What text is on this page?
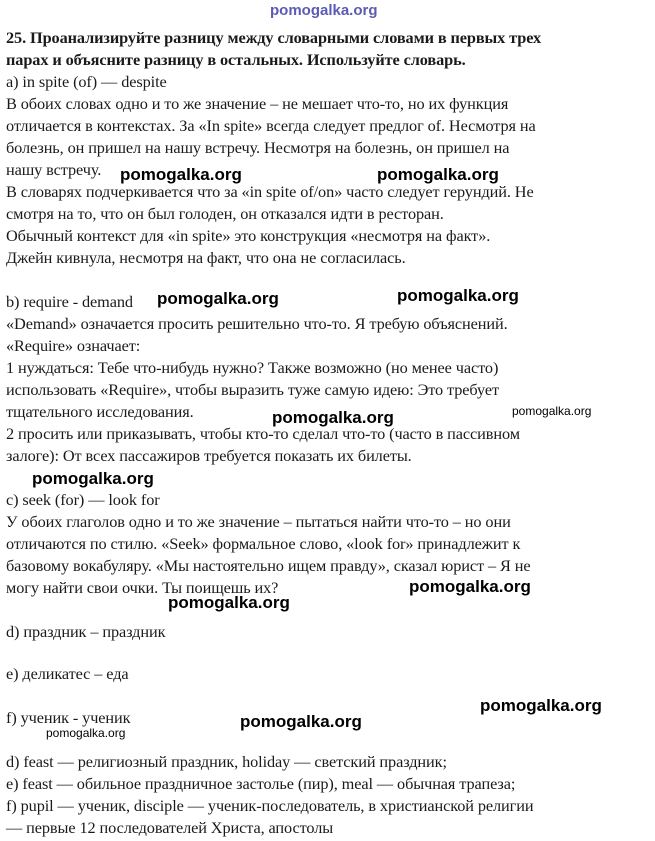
pomogalka.org
25. Проанализируйте разницу между словарными словами в первых трех
парах и объясните разницу в остальных. Используйте словарь.
a) in spite (of) — despite
В обоих словах одно и то же значение – не мешает что-то, но их функция
отличается в контекстах. За «In spite» всегда следует предлог of. Несмотря на
болезнь, он пришел на нашу встречу. Несмотря на болезнь, он пришел на
нашу встречу.
В словарях подчеркивается что за «in spite of/on» часто следует герундий. Не
смотря на то, что он был голоден, он отказался идти в ресторан.
Обычный контекст для «in spite» это конструкция «несмотря на факт».
Джейн кивнула, несмотря на факт, что она не согласилась.
b) require - demand
«Demand» означается просить решительно что-то. Я требую объяснений.
«Require» означает:
1 нуждаться: Тебе что-нибудь нужно? Также возможно (но менее часто)
использовать «Require», чтобы выразить туже самую идею: Это требует
тщательного исследования.
2 просить или приказывать, чтобы кто-то сделал что-то (часто в пассивном
залоге): От всех пассажиров требуется показать их билеты.
c) seek (for) — look for
У обоих глаголов одно и то же значение – пытаться найти что-то – но они
отличаются по стилю. «Seek» формальное слово, «look for» принадлежит к
базовому вокабуляру. «Мы настоятельно ищем правду», сказал юрист – Я не
могу найти свои очки. Ты поищешь их?
d) праздник – праздник
e) деликатес – еда
f) ученик - ученик
d) feast — религиозный праздник, holiday — светский праздник;
e) feast — обильное праздничное застолье (пир), meal — обычная трапеза;
f) pupil — ученик, disciple — ученик-последователь, в христианской религии
— первые 12 последователей Христа, апостолы
pomogalka.org	pomogalka.org
pomogalka.org	pomogalka.org
pomogalka.org	pomogalka.org
pomogalka.org
pomogalka.org
pomogalka.org
pomogalka.org
pomogalka.org
pomogalka.org
